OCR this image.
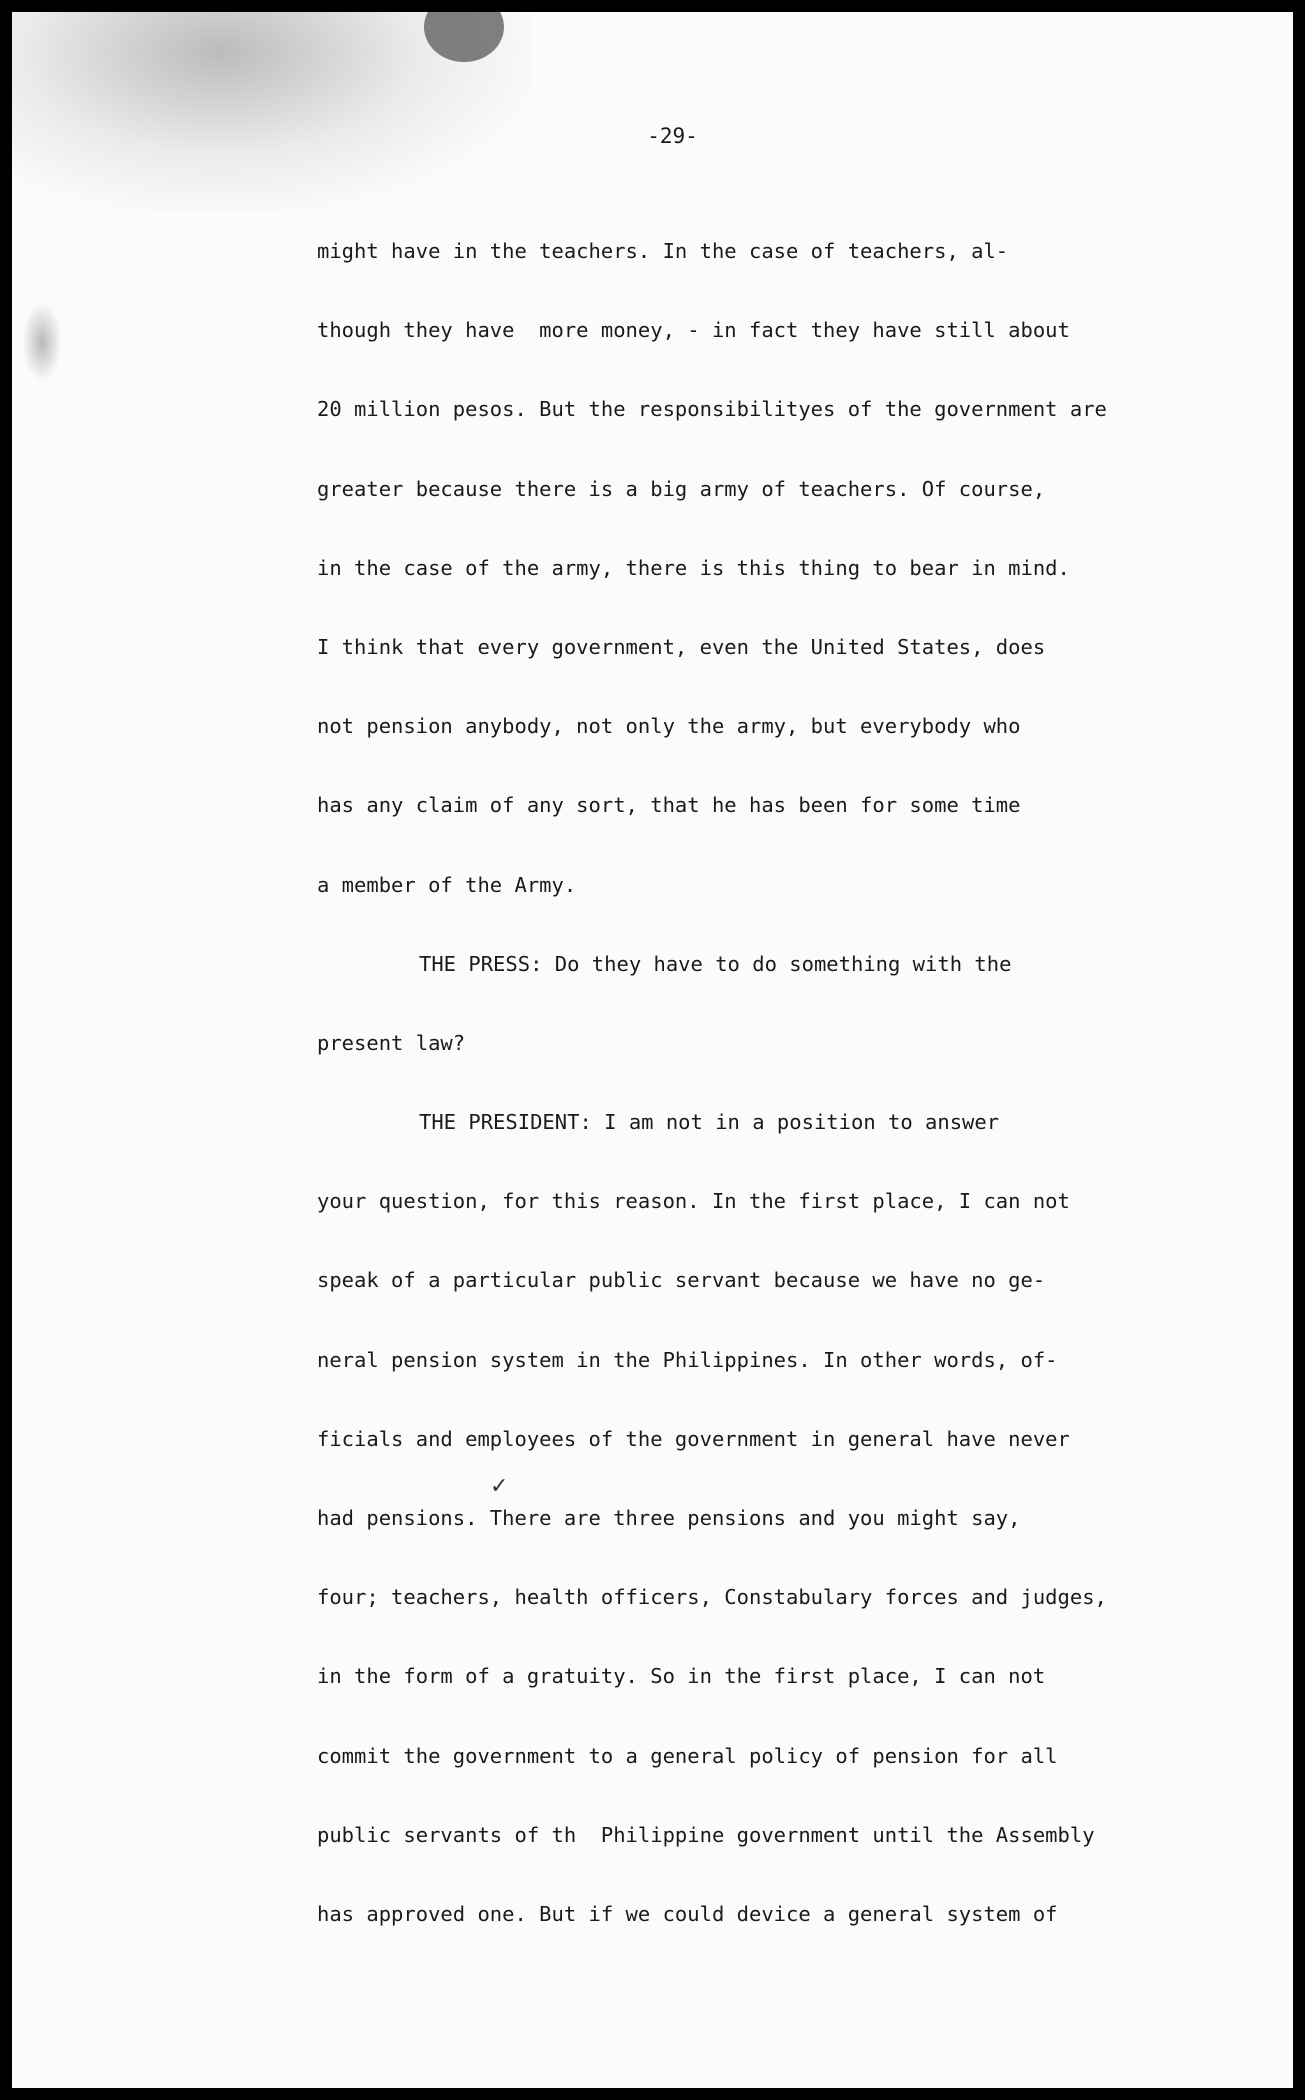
-29-
might have in the teachers. In the case of teachers, al-
though they have  more money, - in fact they have still about
20 million pesos. But the responsibilityes of the government are
greater because there is a big army of teachers. Of course,
in the case of the army, there is this thing to bear in mind.
I think that every government, even the United States, does
not pension anybody, not only the army, but everybody who
has any claim of any sort, that he has been for some time
a member of the Army.
THE PRESS: Do they have to do something with the
present law?
THE PRESIDENT: I am not in a position to answer
your question, for this reason. In the first place, I can not
speak of a particular public servant because we have no ge-
neral pension system in the Philippines. In other words, of-
ficials and employees of the government in general have never
had pensions. There are three pensions and you might say,
four; teachers, health officers, Constabulary forces and judges,
in the form of a gratuity. So in the first place, I can not
commit the government to a general policy of pension for all
public servants of th  Philippine government until the Assembly
has approved one. But if we could device a general system of
✓
